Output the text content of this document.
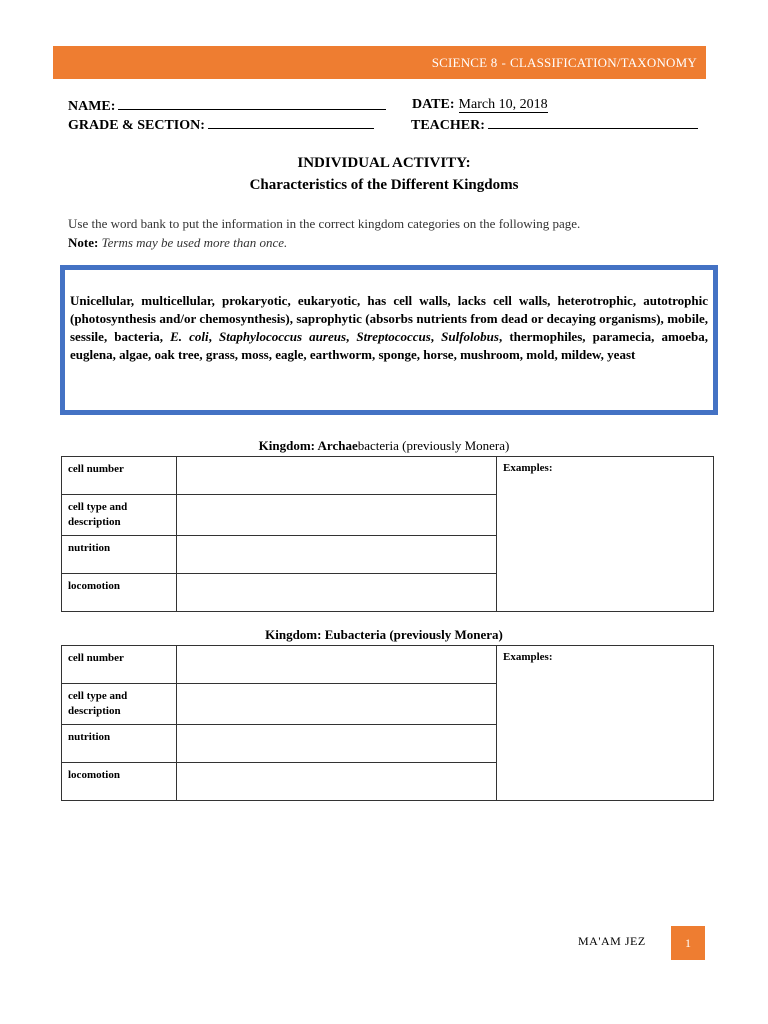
SCIENCE 8 - CLASSIFICATION/TAXONOMY
NAME:	DATE: March 10, 2018
GRADE & SECTION:	TEACHER:
INDIVIDUAL ACTIVITY:
Characteristics of the Different Kingdoms
Use the word bank to put the information in the correct kingdom categories on the following page.
Note: Terms may be used more than once.

Unicellular, multicellular, prokaryotic, eukaryotic, has cell walls, lacks cell walls, heterotrophic, autotrophic (photosynthesis and/or chemosynthesis), saprophytic (absorbs nutrients from dead or decaying organisms), mobile, sessile, bacteria, E. coli, Staphylococcus aureus, Streptococcus, Sulfolobus, thermophiles, paramecia, amoeba, euglena, algae, oak tree, grass, moss, eagle, earthworm, sponge, horse, mushroom, mold, mildew, yeast

Kingdom: Archaebacteria (previously Monera)
cell number		Examples:
cell type and description		
nutrition		
locomotion		
Kingdom: Eubacteria (previously Monera)
cell number		Examples:
cell type and description		
nutrition		
locomotion		
MA'AM JEZ	1
